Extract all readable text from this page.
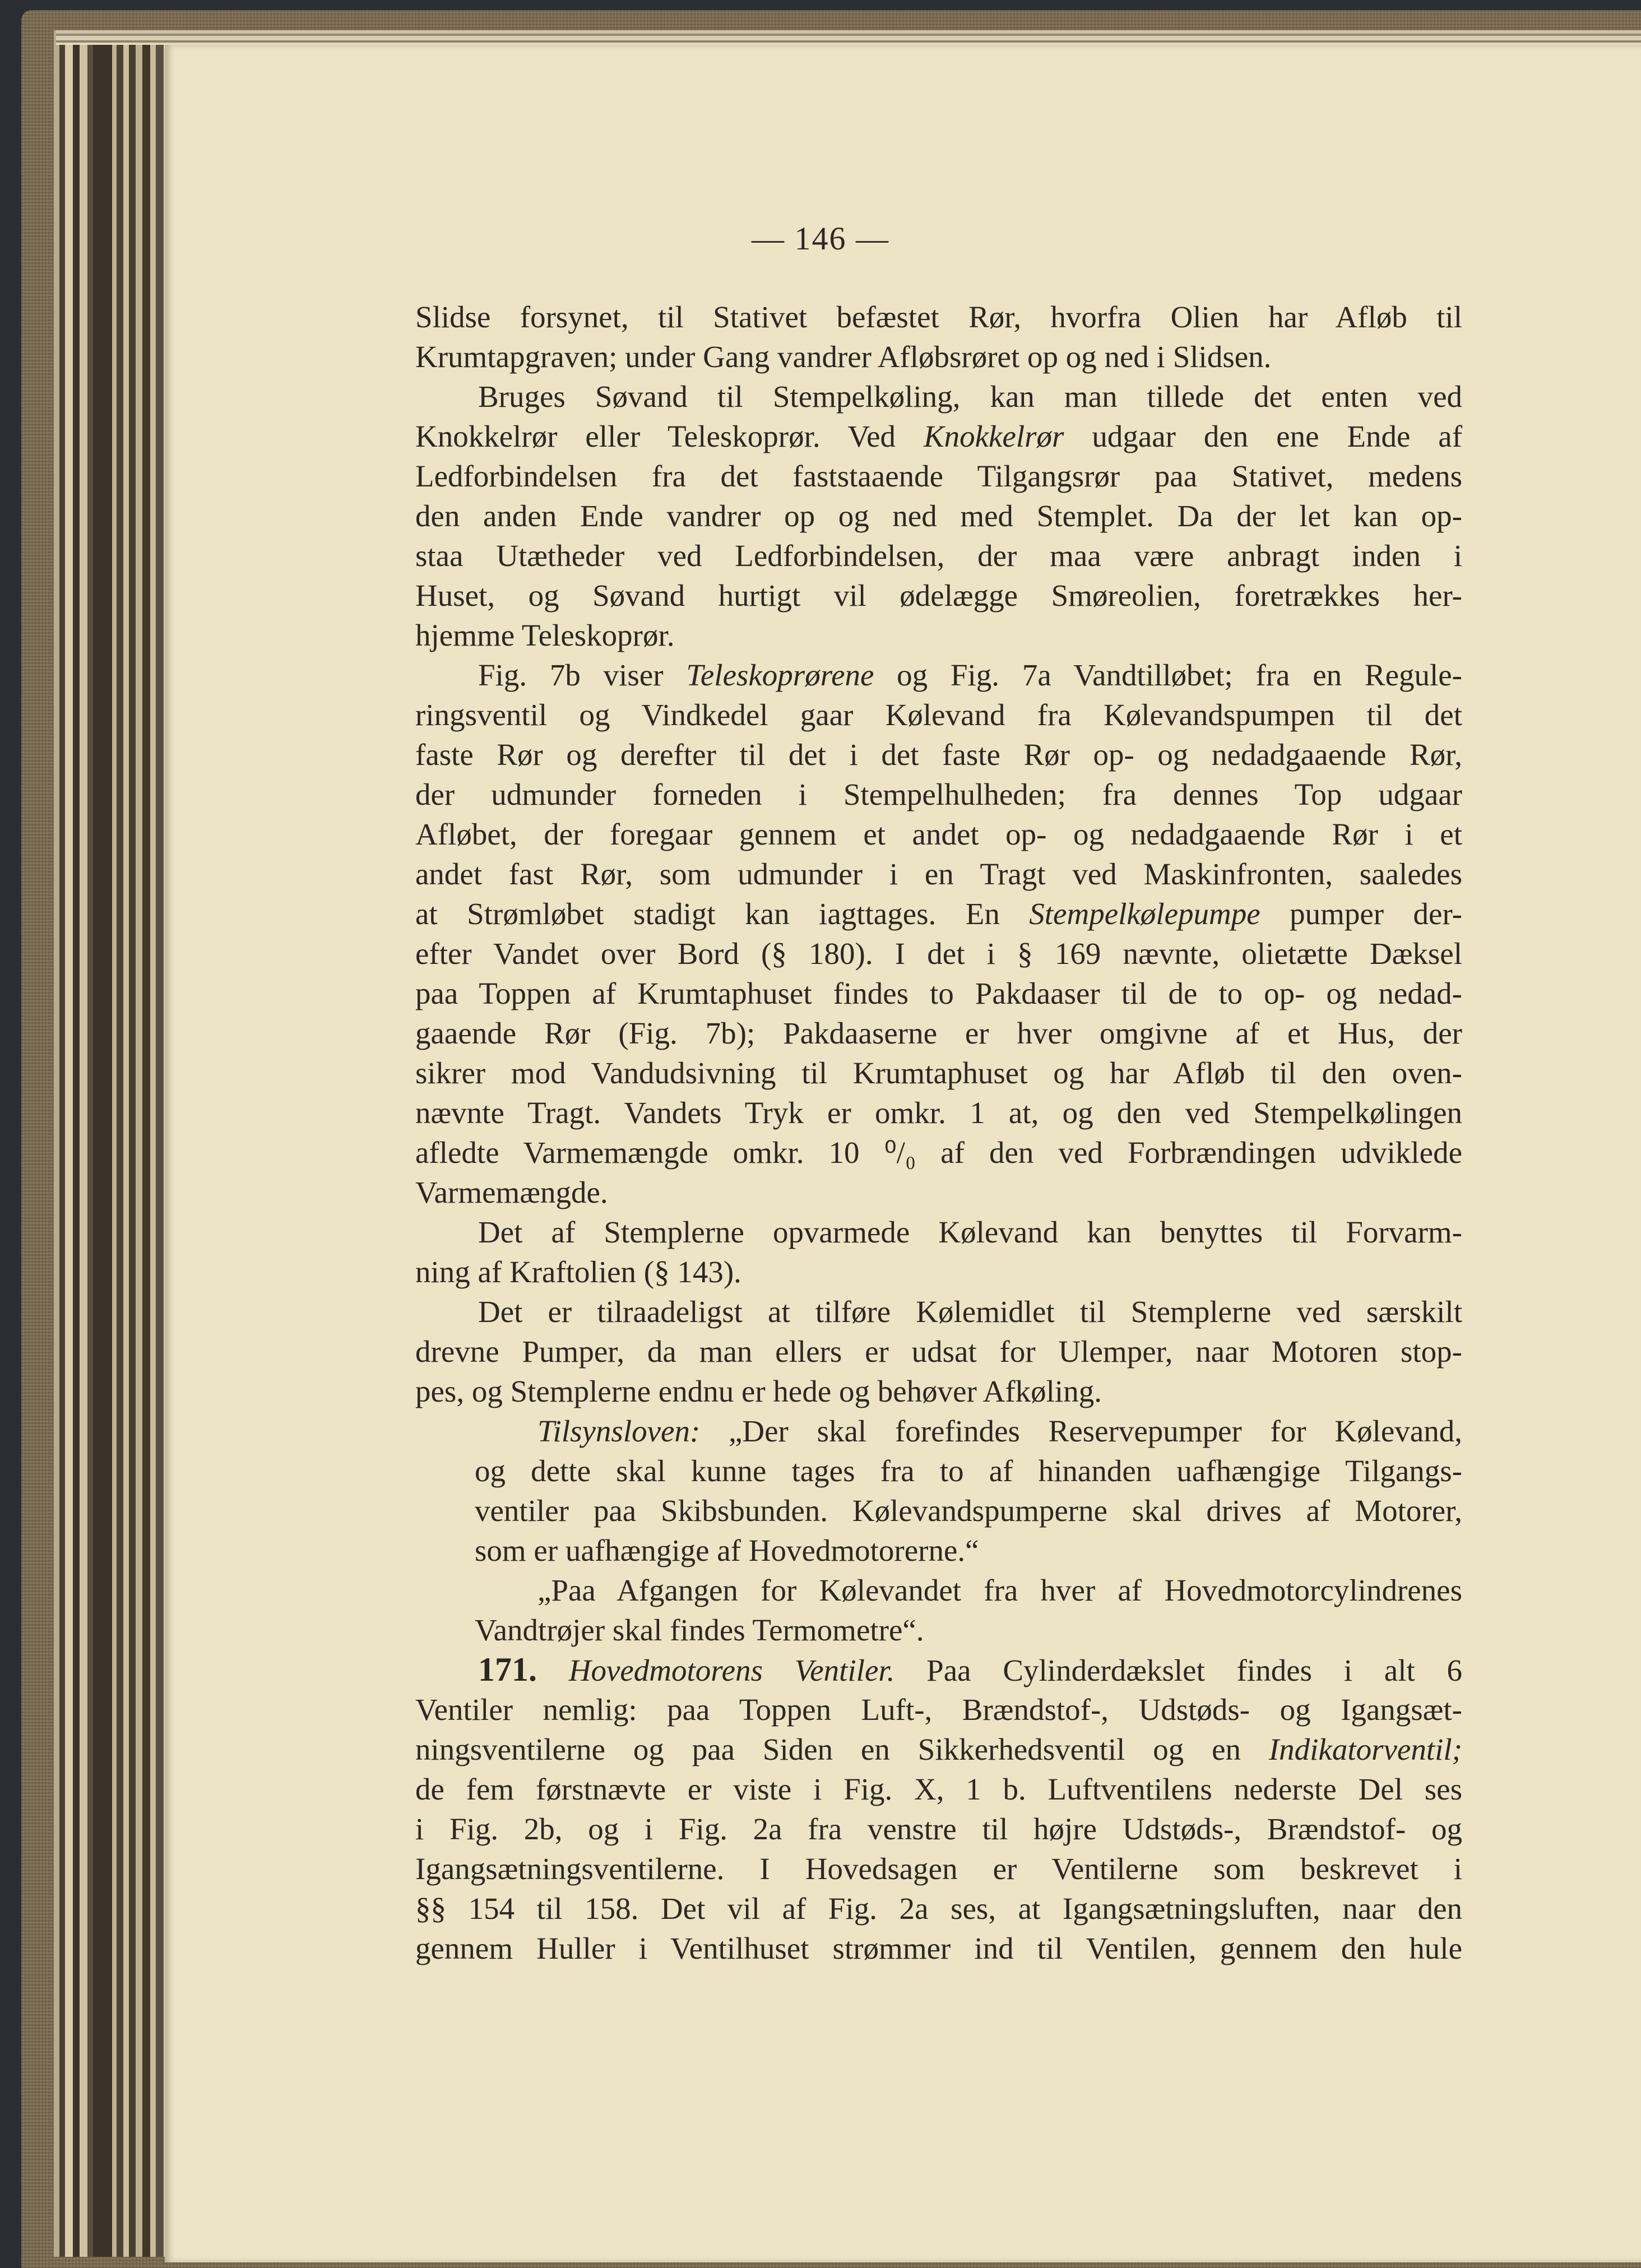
— 146 —
Slidse forsynet, til Stativet befæstet Rør, hvorfra Olien har Afløb til
Krumtapgraven; under Gang vandrer Afløbsrøret op og ned i Slidsen.
Bruges Søvand til Stempelkøling, kan man tillede det enten ved
Knokkelrør eller Teleskoprør. Ved Knokkelrør udgaar den ene Ende af
Ledforbindelsen fra det faststaaende Tilgangsrør paa Stativet, medens
den anden Ende vandrer op og ned med Stemplet. Da der let kan op-
staa Utætheder ved Ledforbindelsen, der maa være anbragt inden i
Huset, og Søvand hurtigt vil ødelægge Smøreolien, foretrækkes her-
hjemme Teleskoprør.
Fig. 7b viser Teleskoprørene og Fig. 7a Vandtilløbet; fra en Regule-
ringsventil og Vindkedel gaar Kølevand fra Kølevandspumpen til det
faste Rør og derefter til det i det faste Rør op- og nedadgaaende Rør,
der udmunder forneden i Stempelhulheden; fra dennes Top udgaar
Afløbet, der foregaar gennem et andet op- og nedadgaaende Rør i et
andet fast Rør, som udmunder i en Tragt ved Maskinfronten, saaledes
at Strømløbet stadigt kan iagttages. En Stempelkølepumpe pumper der-
efter Vandet over Bord (§ 180). I det i § 169 nævnte, olietætte Dæksel
paa Toppen af Krumtaphuset findes to Pakdaaser til de to op- og nedad-
gaaende Rør (Fig. 7b); Pakdaaserne er hver omgivne af et Hus, der
sikrer mod Vandudsivning til Krumtaphuset og har Afløb til den oven-
nævnte Tragt. Vandets Tryk er omkr. 1 at, og den ved Stempelkølingen
afledte Varmemængde omkr. 10 ⁰/₀ af den ved Forbrændingen udviklede
Varmemængde.
Det af Stemplerne opvarmede Kølevand kan benyttes til Forvarm-
ning af Kraftolien (§ 143).
Det er tilraadeligst at tilføre Kølemidlet til Stemplerne ved særskilt
drevne Pumper, da man ellers er udsat for Ulemper, naar Motoren stop-
pes, og Stemplerne endnu er hede og behøver Afkøling.
Tilsynsloven: „Der skal forefindes Reservepumper for Kølevand,
og dette skal kunne tages fra to af hinanden uafhængige Tilgangs-
ventiler paa Skibsbunden. Kølevandspumperne skal drives af Motorer,
som er uafhængige af Hovedmotorerne.“
„Paa Afgangen for Kølevandet fra hver af Hovedmotorcylindrenes
Vandtrøjer skal findes Termometre“.
171. Hovedmotorens Ventiler. Paa Cylinderdækslet findes i alt 6
Ventiler nemlig: paa Toppen Luft-, Brændstof-, Udstøds- og Igangsæt-
ningsventilerne og paa Siden en Sikkerhedsventil og en Indikatorventil;
de fem førstnævte er viste i Fig. X, 1 b. Luftventilens nederste Del ses
i Fig. 2b, og i Fig. 2a fra venstre til højre Udstøds-, Brændstof- og
Igangsætningsventilerne. I Hovedsagen er Ventilerne som beskrevet i
§§ 154 til 158. Det vil af Fig. 2a ses, at Igangsætningsluften, naar den
gennem Huller i Ventilhuset strømmer ind til Ventilen, gennem den hule
